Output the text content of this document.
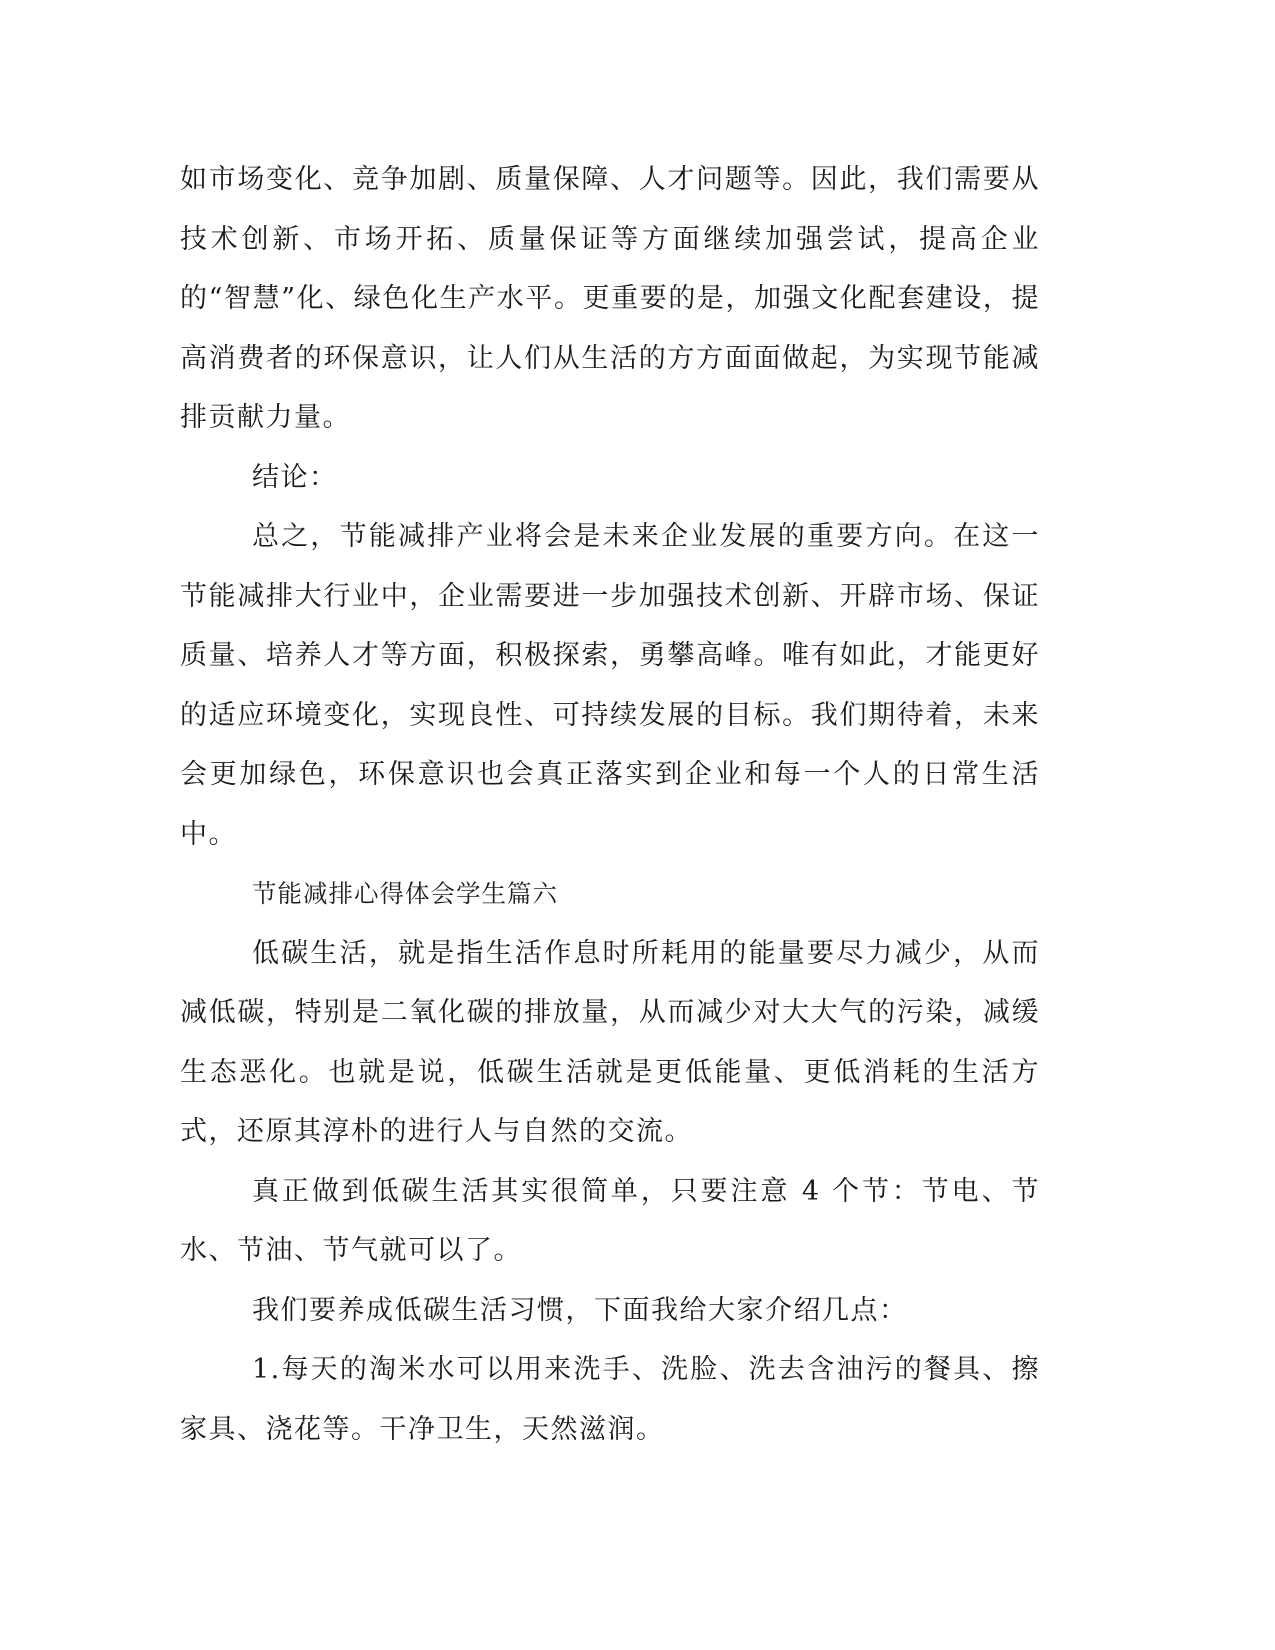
如市场变化、竞争加剧、质量保障、人才问题等。因此，我们需要从技术创新、市场开拓、质量保证等方面继续加强尝试，提高企业的“智慧”化、绿色化生产水平。更重要的是，加强文化配套建设，提高消费者的环保意识，让人们从生活的方方面面做起，为实现节能减排贡献力量。

结论：

总之，节能减排产业将会是未来企业发展的重要方向。在这一节能减排大行业中，企业需要进一步加强技术创新、开辟市场、保证质量、培养人才等方面，积极探索，勇攀高峰。唯有如此，才能更好的适应环境变化，实现良性、可持续发展的目标。我们期待着，未来会更加绿色，环保意识也会真正落实到企业和每一个人的日常生活中。

节能减排心得体会学生篇六

低碳生活，就是指生活作息时所耗用的能量要尽力减少，从而减低碳，特别是二氧化碳的排放量，从而减少对大大气的污染，减缓生态恶化。也就是说，低碳生活就是更低能量、更低消耗的生活方式，还原其淳朴的进行人与自然的交流。

真正做到低碳生活其实很简单，只要注意 4 个节：节电、节水、节油、节气就可以了。

我们要养成低碳生活习惯，下面我给大家介绍几点：

1.每天的淘米水可以用来洗手、洗脸、洗去含油污的餐具、擦家具、浇花等。干净卫生，天然滋润。
